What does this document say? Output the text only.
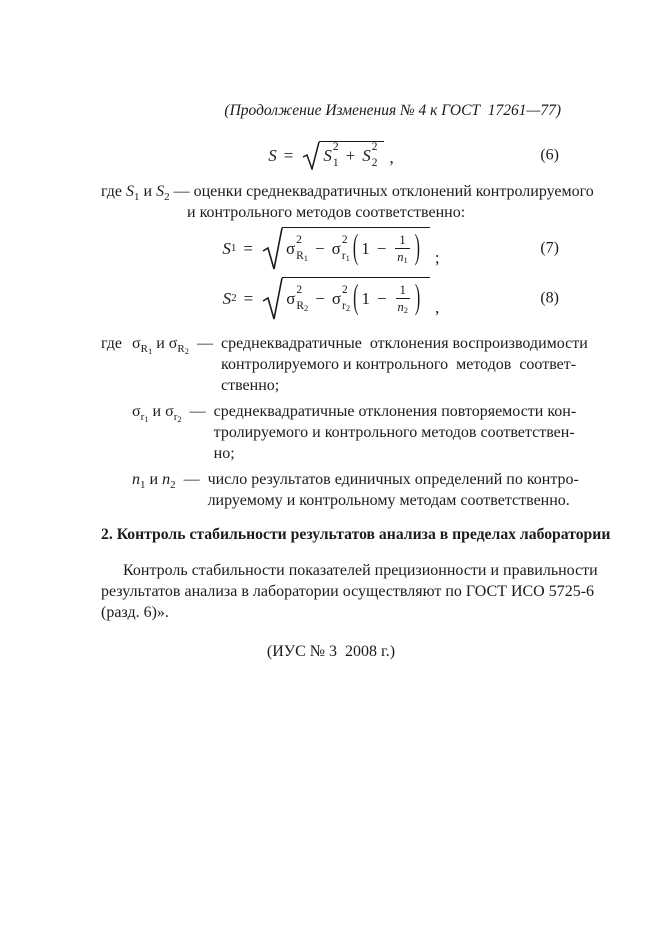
(Продолжение Изменения № 4 к ГОСТ  17261—77)
S = S 2
1 + S 2
2 ,	(6)
где $S_1$ и $S_2$ — оценки среднеквадратичных отклонений контролируемого
и контрольного методов соответственно:
S 1 = σ 2
R1 − σ 2
r1 ( $1 - \frac{1}{n1}$ ) ;	(7)
S 2 = σ 2
R2 − σ 2
r2 ( $1 - \frac{1}{n2}$ ) ,	(8)
где $\sigma_{R1}$ и $\sigma_{R2}$ — среднеквадратичные  отклонения воспроизводимости
контролируемого и контрольного  методов  соответ-
ственно;
$\sigma_{r1}$ и $\sigma_{r2}$ — среднеквадратичные отклонения повторяемости кон-
тролируемого и контрольного методов соответствен-
но;
$n_1$ и $n_2$ — число результатов единичных определений по контро-
лируемому и контрольному методам соответственно.
2. Контроль стабильности результатов анализа в пределах лаборатории
Контроль стабильности показателей прецизионности и правильности
результатов анализа в лаборатории осуществляют по ГОСТ ИСО 5725-6
(разд. 6)».
(ИУС № 3  2008 г.)
